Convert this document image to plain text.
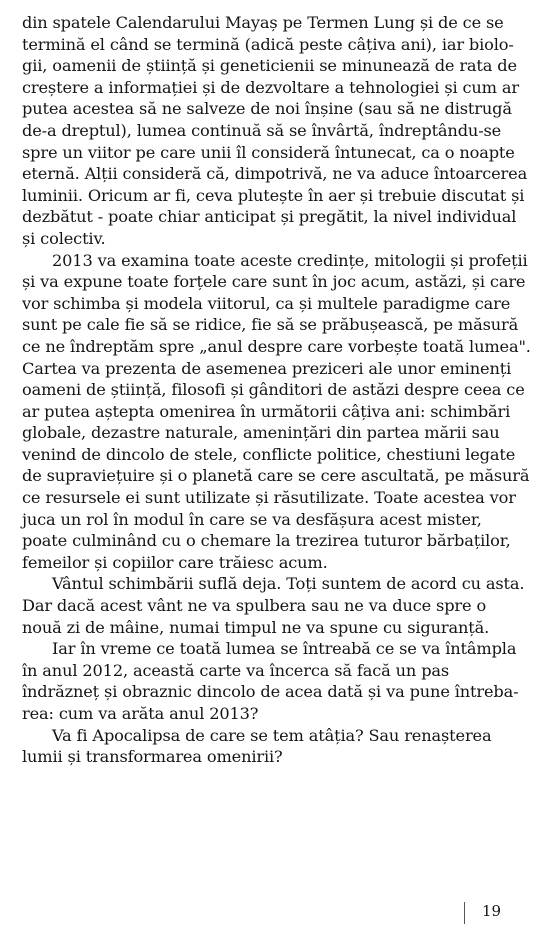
din spatele Calendarului Mayaș pe Termen Lung și de ce se
termină el când se termină (adică peste câțiva ani), iar biolo-
gii, oamenii de știință și geneticienii se minunează de rata de
creștere a informației și de dezvoltare a tehnologiei și cum ar
putea acestea să ne salveze de noi înșine (sau să ne distrugă
de-a dreptul), lumea continuă să se învârtă, îndreptându-se
spre un viitor pe care unii îl consideră întunecat, ca o noapte
eternă. Alții consideră că, dimpotrivă, ne va aduce întoarcerea
luminii. Oricum ar fi, ceva plutește în aer și trebuie discutat și
dezbătut - poate chiar anticipat și pregătit, la nivel individual
și colectiv.
2013 va examina toate aceste credințe, mitologii și profeții
și va expune toate forțele care sunt în joc acum, astăzi, și care
vor schimba și modela viitorul, ca și multele paradigme care
sunt pe cale fie să se ridice, fie să se prăbușească, pe măsură
ce ne îndreptăm spre „anul despre care vorbește toată lumea".
Cartea va prezenta de asemenea preziceri ale unor eminenți
oameni de știință, filosofi și gânditori de astăzi despre ceea ce
ar putea aștepta omenirea în următorii câțiva ani: schimbări
globale, dezastre naturale, amenințări din partea mării sau
venind de dincolo de stele, conflicte politice, chestiuni legate
de supraviețuire și o planetă care se cere ascultată, pe măsură
ce resursele ei sunt utilizate și răsutilizate. Toate acestea vor
juca un rol în modul în care se va desfășura acest mister,
poate culminând cu o chemare la trezirea tuturor bărbaților,
femeilor și copiilor care trăiesc acum.
Vântul schimbării suflă deja. Toți suntem de acord cu asta.
Dar dacă acest vânt ne va spulbera sau ne va duce spre o
nouă zi de mâine, numai timpul ne va spune cu siguranță.
Iar în vreme ce toată lumea se întreabă ce se va întâmpla
în anul 2012, această carte va încerca să facă un pas
îndrăzneț și obraznic dincolo de acea dată și va pune întreba-
rea: cum va arăta anul 2013?
Va fi Apocalipsa de care se tem atâția? Sau renașterea
lumii și transformarea omenirii?
19
